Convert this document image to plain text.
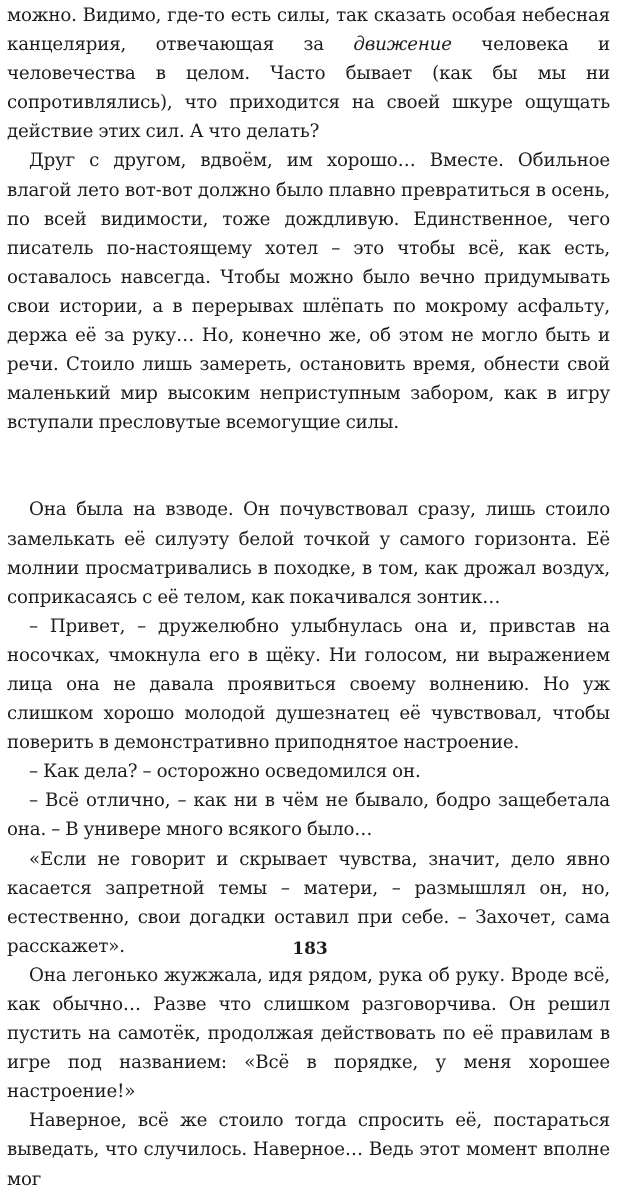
можно. Видимо, где-то есть силы, так сказать особая небесная канцелярия, отвечающая за движение человека и человечества в целом. Часто бывает (как бы мы ни сопротивлялись), что приходится на своей шкуре ощущать действие этих сил. А что делать?

Друг с другом, вдвоём, им хорошо… Вместе. Обильное влагой лето вот-вот должно было плавно превратиться в осень, по всей видимости, тоже дождливую. Единственное, чего писатель по-настоящему хотел – это чтобы всё, как есть, оставалось навсегда. Чтобы можно было вечно придумывать свои истории, а в перерывах шлёпать по мокрому асфальту, держа её за руку… Но, конечно же, об этом не могло быть и речи. Стоило лишь замереть, остановить время, обнести свой маленький мир высоким неприступным забором, как в игру вступали пресловутые всемогущие силы.

Она была на взводе. Он почувствовал сразу, лишь стоило замелькать её силуэту белой точкой у самого горизонта. Её молнии просматривались в походке, в том, как дрожал воздух, соприкасаясь с её телом, как покачивался зонтик…

– Привет, – дружелюбно улыбнулась она и, привстав на носочках, чмокнула его в щёку. Ни голосом, ни выражением лица она не давала проявиться своему волнению. Но уж слишком хорошо молодой душезнатец её чувствовал, чтобы поверить в демонстративно приподнятое настроение.

– Как дела? – осторожно осведомился он.

– Всё отлично, – как ни в чём не бывало, бодро защебетала она. – В универе много всякого было…

«Если не говорит и скрывает чувства, значит, дело явно касается запретной темы – матери, – размышлял он, но, естественно, свои догадки оставил при себе. – Захочет, сама расскажет».

Она легонько жужжала, идя рядом, рука об руку. Вроде всё, как обычно… Разве что слишком разговорчива. Он решил пустить на самотёк, продолжая действовать по её правилам в игре под названием: «Всё в порядке, у меня хорошее настроение!»

Наверное, всё же стоило тогда спросить её, постараться выведать, что случилось. Наверное… Ведь этот момент вполне мог

183
